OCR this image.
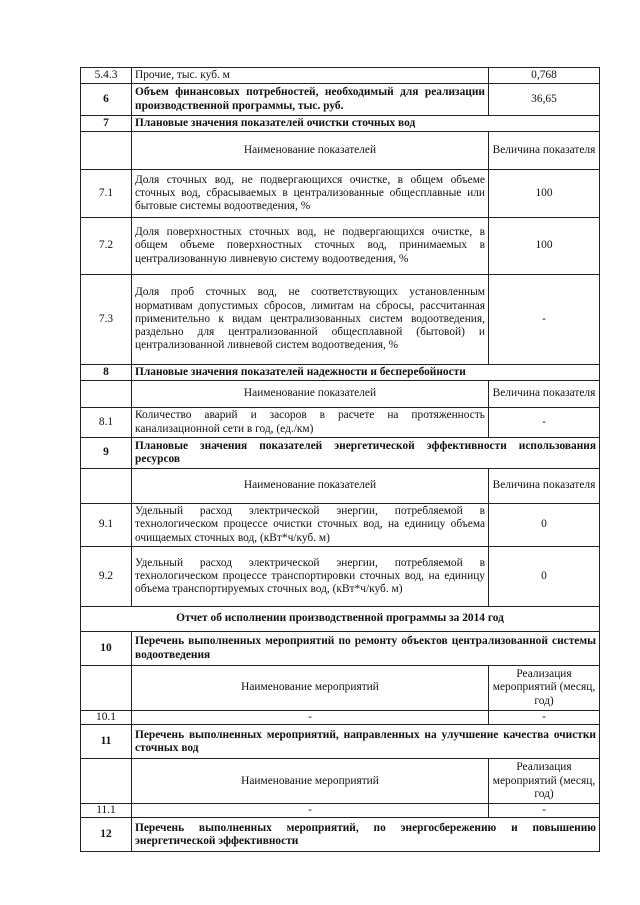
5.4.3	Прочие, тыс. куб. м	0,768
6	Объем финансовых потребностей, необходимый для реализации производственной программы, тыс. руб.	36,65
7	Плановые значения показателей очистки сточных вод	
	Наименование показателей	Величина показателя
7.1	Доля сточных вод, не подвергающихся очистке, в общем объеме сточных вод, сбрасываемых в централизованные общесплавные или бытовые системы водоотведения, %	100
7.2	Доля поверхностных сточных вод, не подвергающихся очистке, в общем объеме поверхностных сточных вод, принимаемых в централизованную ливневую систему водоотведения, %	100
7.3	Доля проб сточных вод, не соответствующих установленным нормативам допустимых сбросов, лимитам на сбросы, рассчитанная применительно к видам централизованных систем водоотведения, раздельно для централизованной общесплавной (бытовой) и централизованной ливневой систем водоотведения, %	-
8	Плановые значения показателей надежности и бесперебойности	
	Наименование показателей	Величина показателя
8.1	Количество аварий и засоров в расчете на протяженность канализационной сети в год, (ед./км)	-
9	Плановые значения показателей энергетической эффективности использования ресурсов	
	Наименование показателей	Величина показателя
9.1	Удельный расход электрической энергии, потребляемой в технологическом процессе очистки сточных вод, на единицу объема очищаемых сточных вод, (кВт*ч/куб. м)	0
9.2	Удельный расход электрической энергии, потребляемой в технологическом процессе транспортировки сточных вод, на единицу объема транспортируемых сточных вод, (кВт*ч/куб. м)	0
Отчет об исполнении производственной программы за 2014 год		
10	Перечень выполненных мероприятий по ремонту объектов централизованной системы водоотведения	
	Наименование мероприятий	Реализация мероприятий (месяц, год)
10.1	-	-
11	Перечень выполненных мероприятий, направленных на улучшение качества очистки сточных вод	
	Наименование мероприятий	Реализация мероприятий (месяц, год)
11.1	-	-
12	Перечень выполненных мероприятий, по энергосбережению и повышению энергетической эффективности	
